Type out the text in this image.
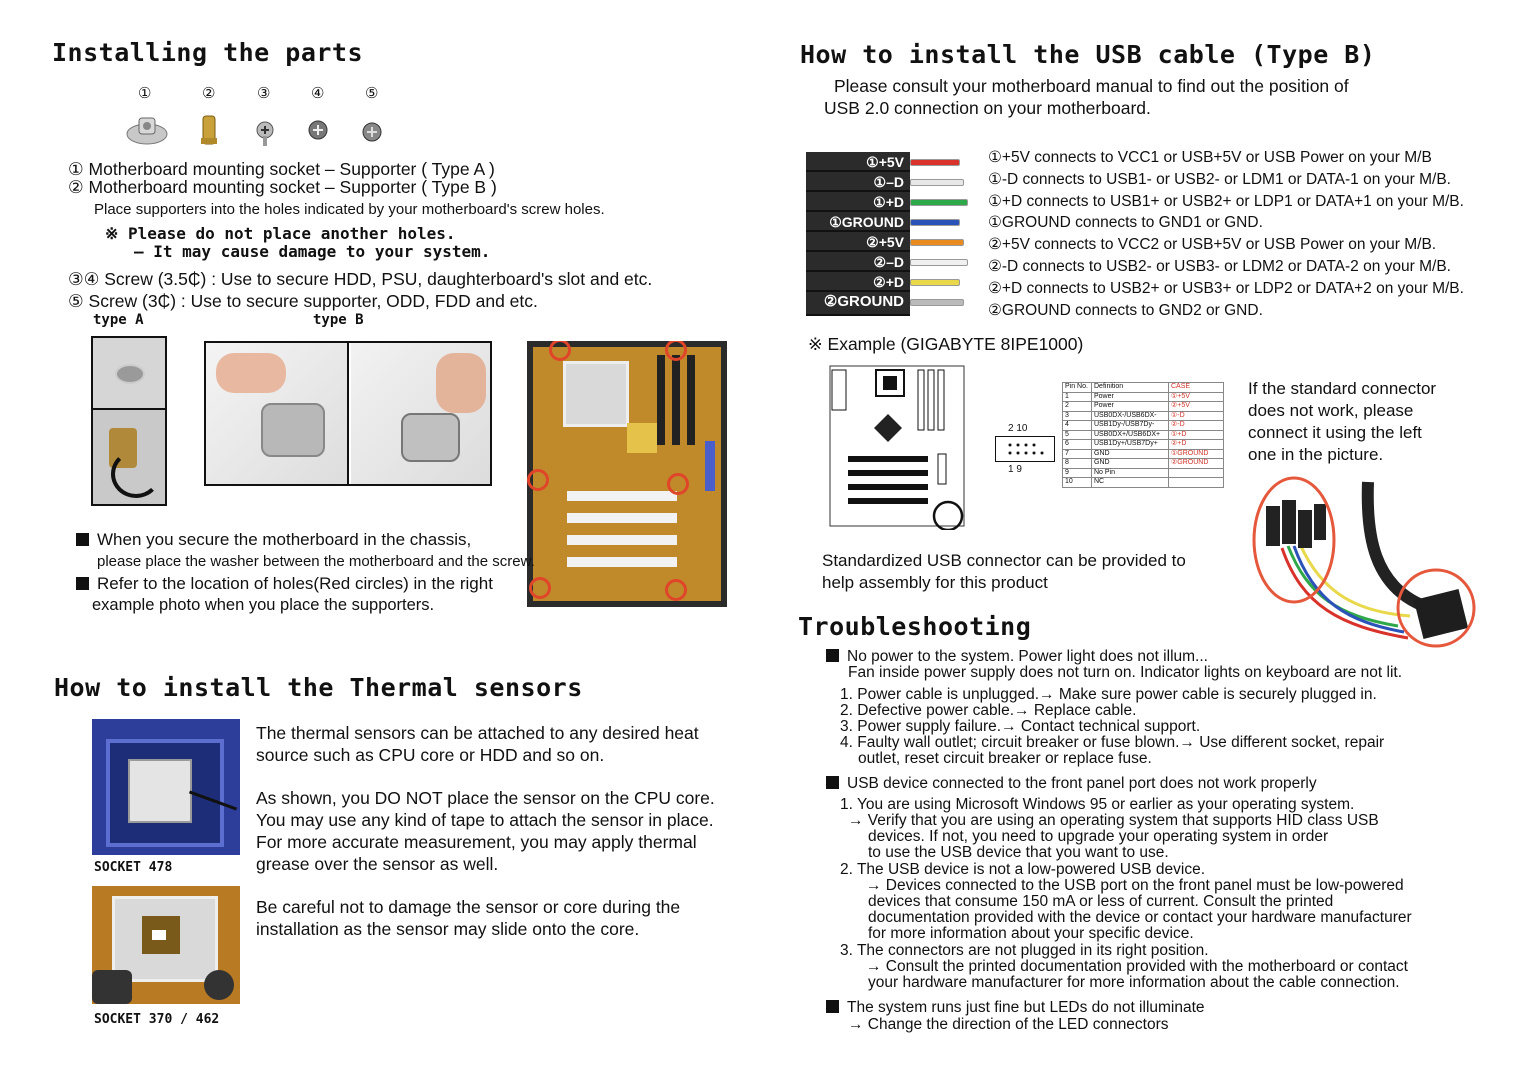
Installing the parts
①	②	③	④	⑤
① Motherboard mounting socket – Supporter ( Type A )
② Motherboard mounting socket – Supporter ( Type B )
Place supporters into the holes indicated by your motherboard's screw holes.
※ Please do not place another holes.
– It may cause damage to your system.
③④ Screw (3.5₵) : Use to secure HDD, PSU, daughterboard's slot and etc.
⑤ Screw (3₵) : Use to secure supporter, ODD, FDD and etc.
type A	type B
When you secure the motherboard in the chassis,
please place the washer between the motherboard and the screw.
Refer to the location of holes(Red circles) in the right
example photo when you place the supporters.
How to install the Thermal sensors
SOCKET 478
SOCKET 370 / 462
The thermal sensors can be attached to any desired heat
source such as CPU core or HDD and so on.
As shown, you DO NOT place the sensor on the CPU core.
You may use any kind of tape to attach the sensor in place.
For more accurate measurement, you may apply thermal
grease over the sensor as well.
Be careful not to damage the sensor or core during the
installation as the sensor may slide onto the core.
How to install the USB cable (Type B)
Please consult your motherboard manual to find out the position of
USB 2.0 connection on your motherboard.
①+5V
①–D
①+D
①GROUND
②+5V
②–D
②+D
②GROUND
①+5V connects to VCC1 or USB+5V or USB Power on your M/B
①-D connects to USB1- or USB2- or LDM1 or DATA-1 on your M/B.
①+D connects to USB1+ or USB2+ or LDP1 or DATA+1 on your M/B.
①GROUND connects to GND1 or GND.
②+5V connects to VCC2 or USB+5V or USB Power on your M/B.
②-D connects to USB2- or USB3- or LDM2 or DATA-2 on your M/B.
②+D connects to USB2+ or USB3+ or LDP2 or DATA+2 on your M/B.
②GROUND connects to GND2 or GND.
※ Example (GIGABYTE 8IPE1000)
2 10
1 9
Pin No.	Definition	CASE
1	Power	①+5V
2	Power	②+5V
3	USB0DX-/USB6DX-	①-D
4	USB1Dy-/USB7Dy-	②-D
5	USB0DX+/USB6DX+	①+D
6	USB1Dy+/USB7Dy+	②+D
7	GND	①GROUND
8	GND	②GROUND
9	No Pin	
10	NC	
If the standard connector
does not work, please
connect it using the left
one in the picture.
Standardized USB connector can be provided to
help assembly for this product
Troubleshooting
No power to the system. Power light does not illum...
Fan inside power supply does not turn on. Indicator lights on keyboard are not lit.
1. Power cable is unplugged.→ Make sure power cable is securely plugged in.
2. Defective power cable.→ Replace cable.
3. Power supply failure.→ Contact technical support.
4. Faulty wall outlet; circuit breaker or fuse blown.→ Use different socket, repair
outlet, reset circuit breaker or replace fuse.
USB device connected to the front panel port does not work properly
1. You are using Microsoft Windows 95 or earlier as your operating system.
→ Verify that you are using an operating system that supports HID class USB
devices. If not, you need to upgrade your operating system in order
to use the USB device that you want to use.
2. The USB device is not a low-powered USB device.
→ Devices connected to the USB port on the front panel must be low-powered
devices that consume 150 mA or less of current. Consult the printed
documentation provided with the device or contact your hardware manufacturer
for more information about your specific device.
3. The connectors are not plugged in its right position.
→ Consult the printed documentation provided with the motherboard or contact
your hardware manufacturer for more information about the cable connection.
The system runs just fine but LEDs do not illuminate
→ Change the direction of the LED connectors
